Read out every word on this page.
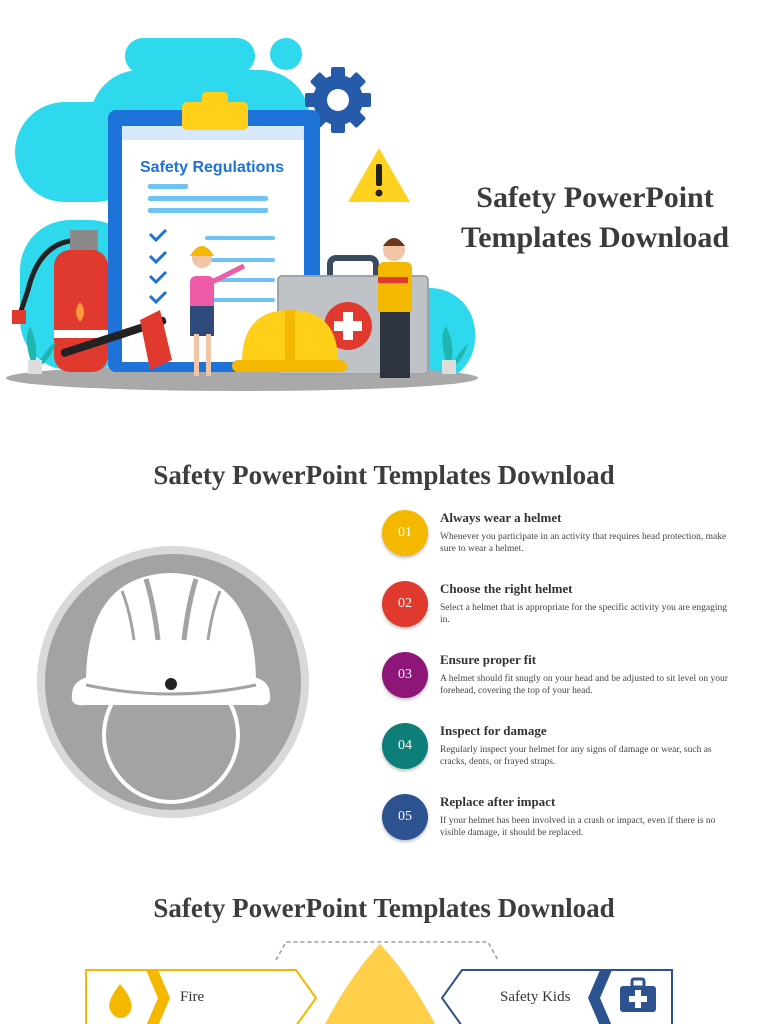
Safety Regulations
Safety PowerPoint
Templates Download
Safety PowerPoint Templates Download
01
Always wear a helmet
Whenever you participate in an activity that requires head protection, make sure to wear a helmet.
02
Choose the right helmet
Select a helmet that is appropriate for the specific activity you are engaging in.
03
Ensure proper fit
A helmet should fit snugly on your head and be adjusted to sit level on your forehead, covering the top of your head.
04
Inspect for damage
Regularly inspect your helmet for any signs of damage or wear, such as cracks, dents, or frayed straps.
05
Replace after impact
If your helmet has been involved in a crash or impact, even if there is no visible damage, it should be replaced.
Safety PowerPoint Templates Download
Fire	Safety Kids
